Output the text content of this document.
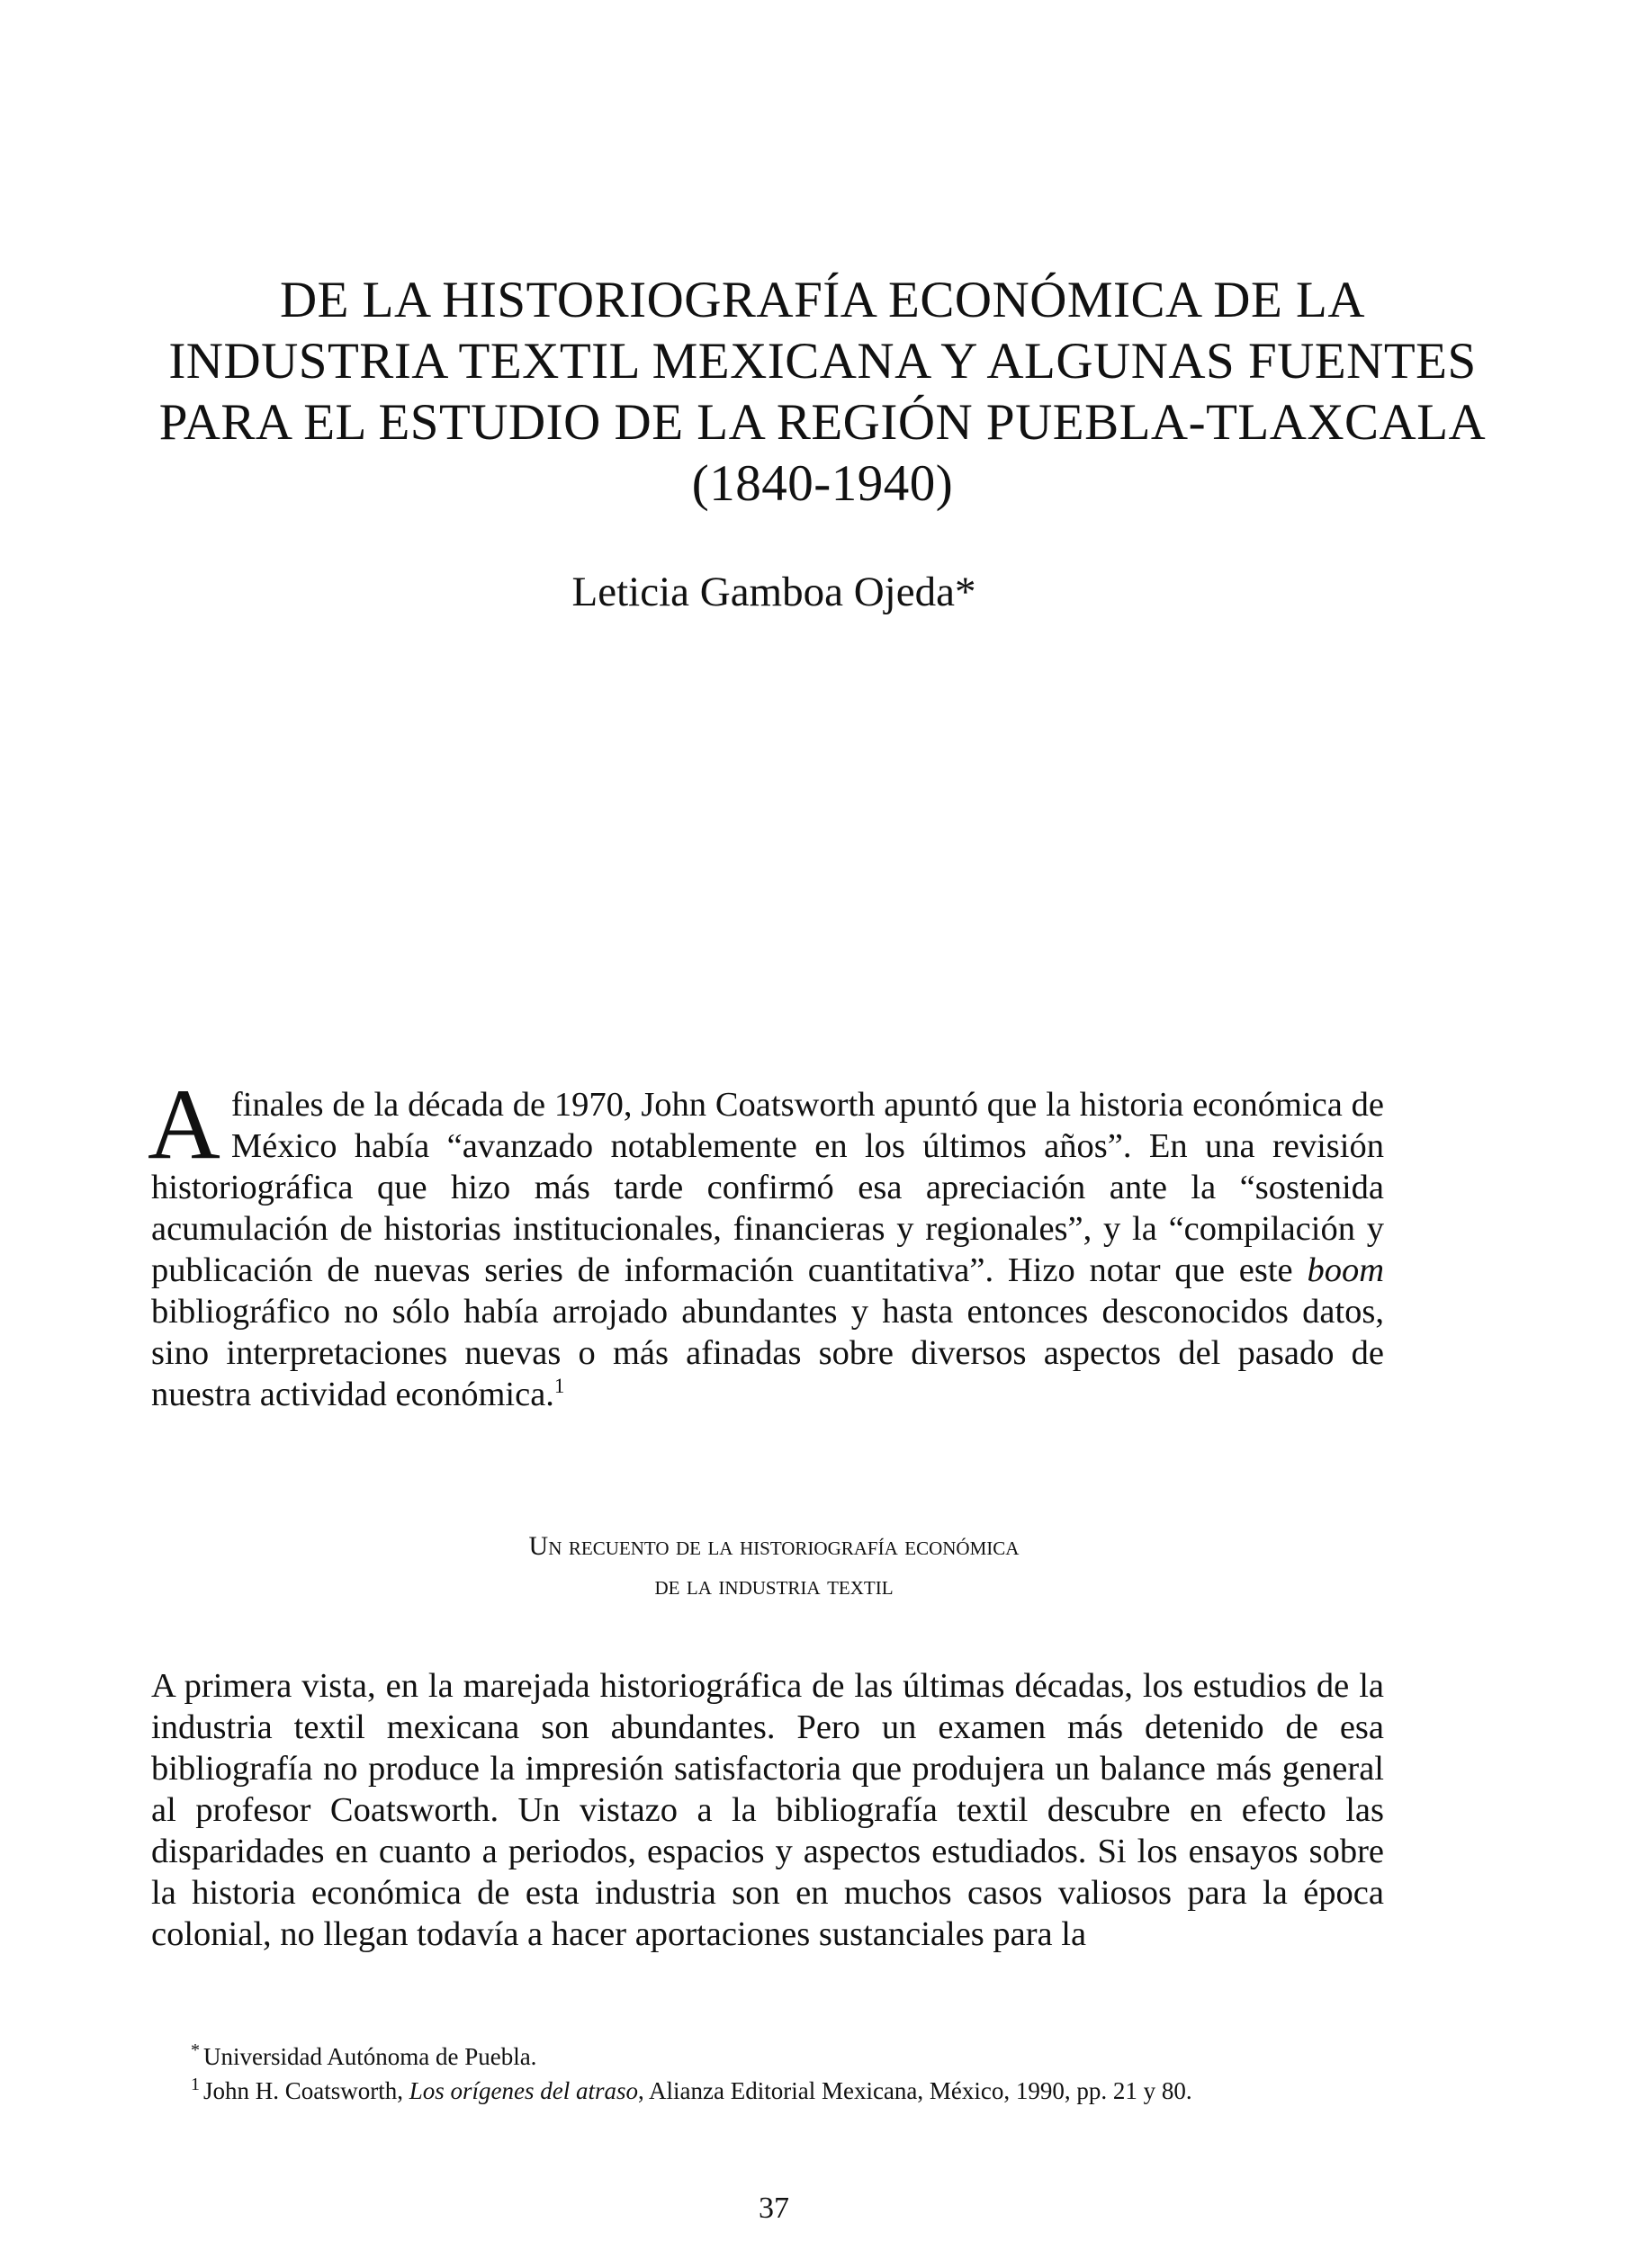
DE LA HISTORIOGRAFÍA ECONÓMICA DE LA
INDUSTRIA TEXTIL MEXICANA Y ALGUNAS FUENTES
PARA EL ESTUDIO DE LA REGIÓN PUEBLA-TLAXCALA
(1840-1940)
Leticia Gamboa Ojeda*

A finales de la década de 1970, John Coatsworth apuntó que la historia económica de México había “avanzado notablemente en los últimos años”. En una revisión historiográfica que hizo más tarde confirmó esa apreciación ante la “sostenida acumulación de historias institucionales, financieras y regionales”, y la “compilación y publicación de nuevas series de información cuantitativa”. Hizo notar que este boom bibliográfico no sólo había arrojado abundantes y hasta entonces desconocidos datos, sino interpretaciones nuevas o más afinadas sobre diversos aspectos del pasado de nuestra actividad económica.$^1$

Un recuento de la historiografía económica
de la industria textil

A primera vista, en la marejada historiográfica de las últimas décadas, los estudios de la industria textil mexicana son abundantes. Pero un examen más detenido de esa bibliografía no produce la impresión satisfactoria que produjera un balance más general al profesor Coatsworth. Un vistazo a la bibliografía textil descubre en efecto las disparidades en cuanto a periodos, espacios y aspectos estudiados. Si los ensayos sobre la historia económica de esta industria son en muchos casos valiosos para la época colonial, no llegan todavía a hacer aportaciones sustanciales para la

* Universidad Autónoma de Puebla.
$^1$ John H. Coatsworth, Los orígenes del atraso, Alianza Editorial Mexicana, México, 1990, pp. 21 y 80.
37
